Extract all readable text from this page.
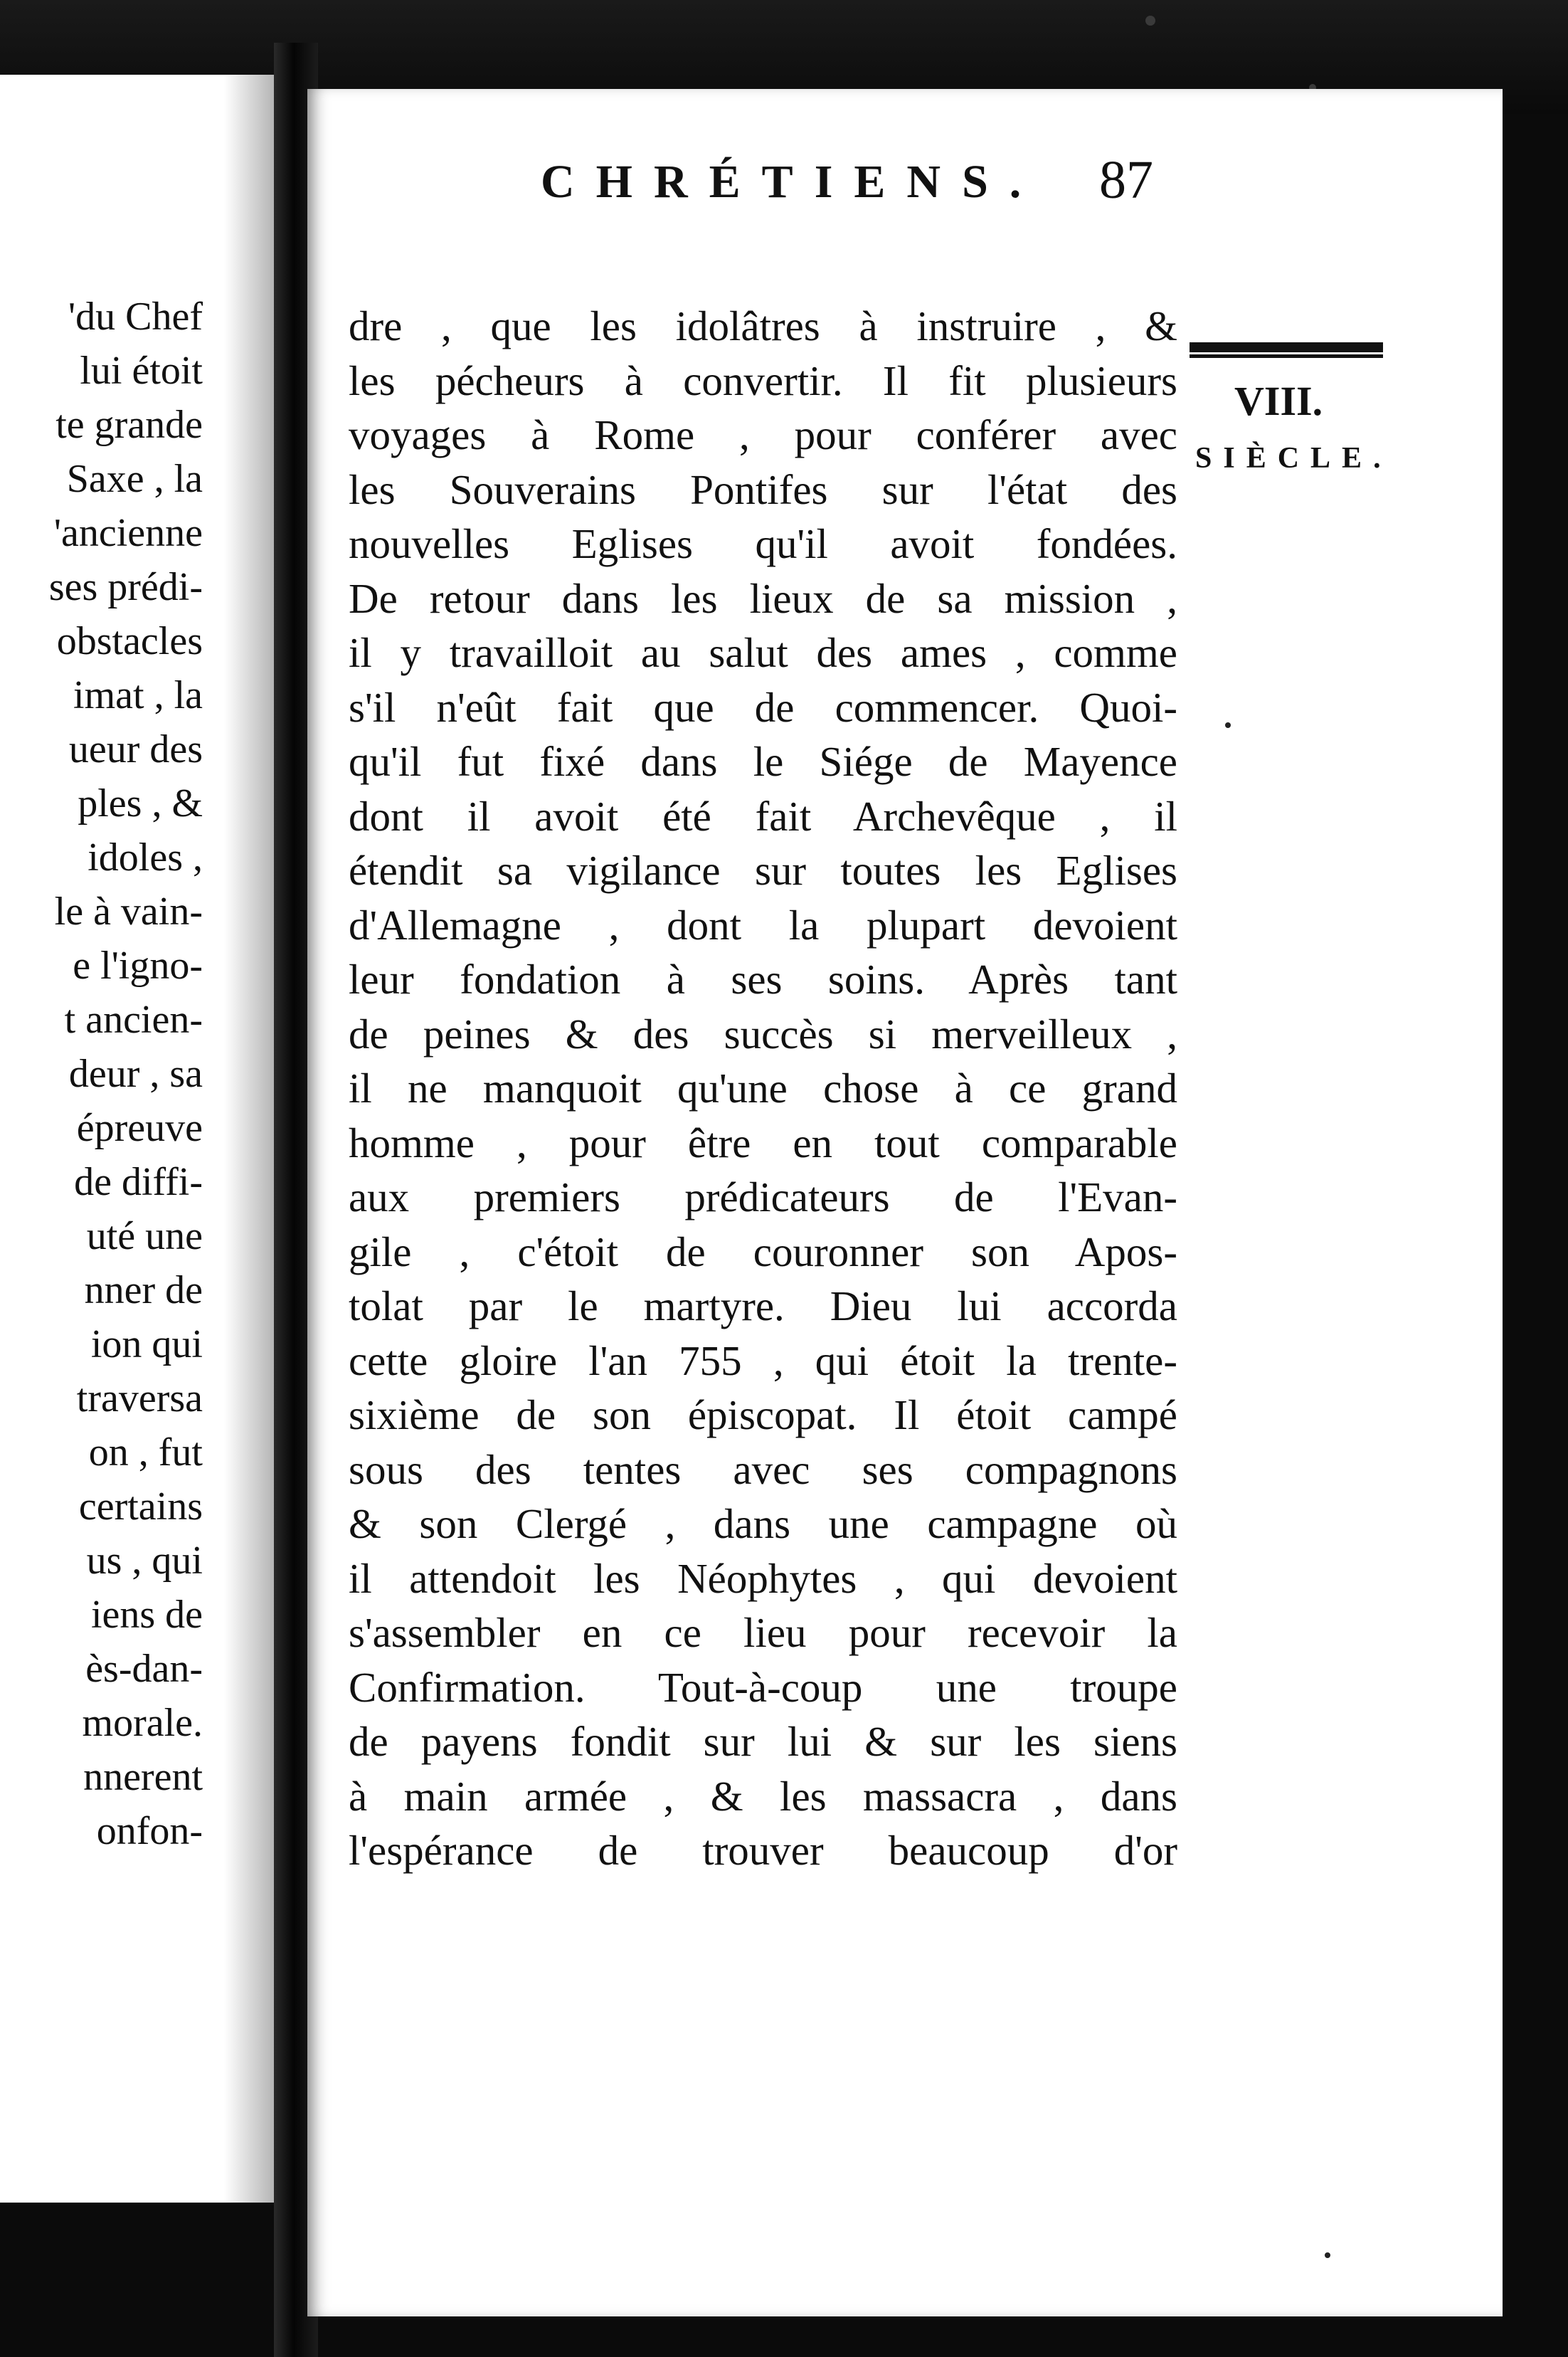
'du Chef
lui étoit
te grande
Saxe , la
'ancienne
ses prédi-
obstacles
imat , la
ueur des
ples , &
idoles ,
le à vain-
e l'igno-
t ancien-
deur , sa
épreuve
de diffi-
uté une
nner de
ion qui
traversa
on , fut
certains
us , qui
iens de
ès-dan-
morale.
nnerent
onfon-
CHRÉTIENS. 87
VIII.
SIÈCLE.
dre , que les idolâtres à instruire , &
les pécheurs à convertir. Il fit plusieurs
voyages à Rome , pour conférer avec
les Souverains Pontifes sur l'état des
nouvelles Eglises qu'il avoit fondées.
De retour dans les lieux de sa mission ,
il y travailloit au salut des ames , comme
s'il n'eût fait que de commencer. Quoi-
qu'il fut fixé dans le Siége de Mayence
dont il avoit été fait Archevêque , il
étendit sa vigilance sur toutes les Eglises
d'Allemagne , dont la plupart devoient
leur fondation à ses soins. Après tant
de peines & des succès si merveilleux ,
il ne manquoit qu'une chose à ce grand
homme , pour être en tout comparable
aux premiers prédicateurs de l'Evan-
gile , c'étoit de couronner son Apos-
tolat par le martyre. Dieu lui accorda
cette gloire l'an 755 , qui étoit la trente-
sixième de son épiscopat. Il étoit campé
sous des tentes avec ses compagnons
& son Clergé , dans une campagne où
il attendoit les Néophytes , qui devoient
s'assembler en ce lieu pour recevoir la
Confirmation. Tout-à-coup une troupe
de payens fondit sur lui & sur les siens
à main armée , & les massacra , dans
l'espérance de trouver beaucoup d'or
